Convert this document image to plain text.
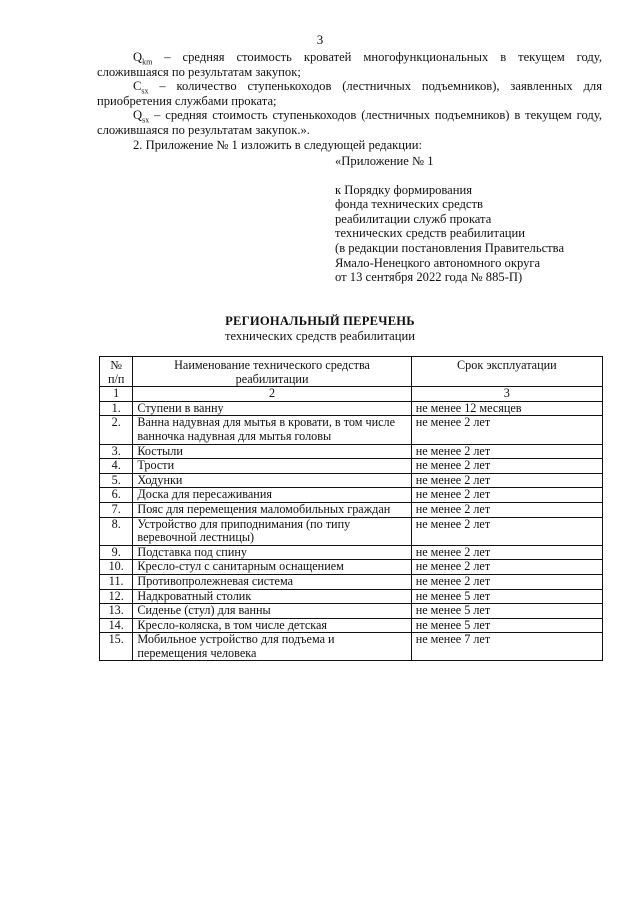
3

$Q_{km}$ – средняя стоимость кроватей многофункциональных в текущем году, сложившаяся по результатам закупок;

$C_{sx}$ – количество ступенькоходов (лестничных подъемников), заявленных для приобретения службами проката;

$Q_{sx}$ – средняя стоимость ступенькоходов (лестничных подъемников) в текущем году, сложившаяся по результатам закупок.».

2. Приложение № 1 изложить в следующей редакции:

«Приложение № 1

к Порядку формирования

фонда технических средств

реабилитации служб проката

технических средств реабилитации

(в редакции постановления Правительства

Ямало-Ненецкого автономного округа

от 13 сентября 2022 года № 885-П)

РЕГИОНАЛЬНЫЙ ПЕРЕЧЕНЬ
технических средств реабилитации
№ п/п	Наименование технического средства реабилитации	Срок эксплуатации
1	2	3
1.	Ступени в ванну	не менее 12 месяцев
2.	Ванна надувная для мытья в кровати, в том числе ванночка надувная для мытья головы	не менее 2 лет
3.	Костыли	не менее 2 лет
4.	Трости	не менее 2 лет
5.	Ходунки	не менее 2 лет
6.	Доска для пересаживания	не менее 2 лет
7.	Пояс для перемещения маломобильных граждан	не менее 2 лет
8.	Устройство для приподнимания (по типу веревочной лестницы)	не менее 2 лет
9.	Подставка под спину	не менее 2 лет
10.	Кресло-стул с санитарным оснащением	не менее 2 лет
11.	Противопролежневая система	не менее 2 лет
12.	Надкроватный столик	не менее 5 лет
13.	Сиденье (стул) для ванны	не менее 5 лет
14.	Кресло-коляска, в том числе детская	не менее 5 лет
15.	Мобильное устройство для подъема и перемещения человека	не менее 7 лет
